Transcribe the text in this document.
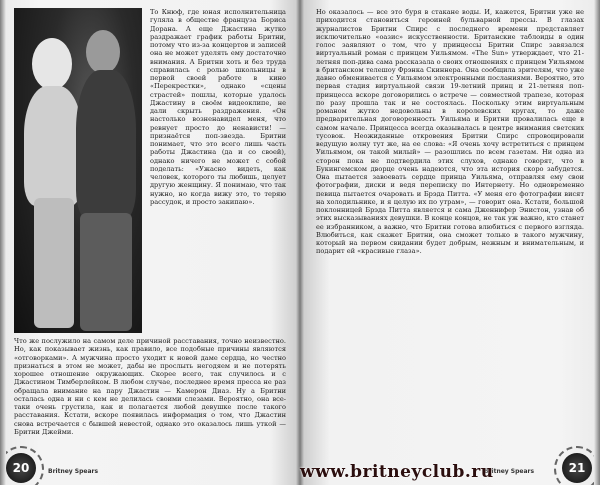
То Кнюф, где юная исполнительница гуляла в обществе француза Бориса Дорана. А еще Джастина жутко раздражает график работы Бритни, потому что из-за концертов и записей она не может уделять ему достаточно внимания. А Бритни хоть и без труда справилась с ролью школьницы в первой своей работе в кино «Перекрестки», однако «сцены страстей» пошлы, которые удалось Джастину в своём видеоклипе, не дали скрыть раздражения. «Он настолько возненавидел меня, что ревнует просто до ненависти! — признаётся поп-звезда. Бритни понимает, что это всего лишь часть работы Джастина (да и со своей), однако ничего не может с собой поделать: «Ужасно видеть, как человек, которого ты любишь, целует другую женщину. Я понимаю, что так нужно, но когда вижу это, то теряю рассудок, и просто закипаю».
Что же послужило на самом деле причиной расставания, точно неизвестно. Но, как показывает жизнь, как правило, все подобные причины являются «отговорками». А мужчина просто уходит к новой даме сердца, но честно признаться в этом не может, дабы не прослыть негодяем и не потерять хорошее отношение окружающих. Скорее всего, так случилось и с Джастином Тимберлейком. В любом случае, последнее время пресса не раз обращала внимание на пару Джастин — Камерон Диаз. Ну а Бритни осталась одна и ни с кем не делилась своими слезами. Вероятно, она все-таки очень грустила, как и полагается любой девушке после такого расставания. Кстати, вскоре появилась информация о том, что Джастин снова встречается с бывшей невестой, однако это оказалось лишь уткой — Бритни Джейми.
20	Britney Spears
Но оказалось — все это буря в стакане воды. И, кажется, Бритни уже не приходится становиться героиней бульварной прессы. В глазах журналистов Бритни Спирс с последнего времени представляет исключительно «оазис» искусственности. Британские таблоиды в один голос заявляют о том, что у принцессы Бритни Спирс завязался виртуальный роман с принцем Уильямом. «The Sun» утверждает, что 21-летняя поп-дива сама рассказала о своих отношениях с принцем Уильямом в британском телешоу Фрэнка Скиннера. Она сообщила зрителям, что уже давно обменивается с Уильямом электронными посланиями. Вероятно, это первая стадия виртуальной связи 19-летний принц и 21-летняя поп-принцесса вскоре договорились о встрече — совместной трапезе, которая по разу прошла так и не состоялась. Поскольку этим виртуальным романом жутко недовольны в королевских кругах, то даже предварительная договоренность Уильяма и Бритни провалилась еще в самом начале. Принцесса всегда оказывалась в центре внимания светских тусовок. Неожиданные откровения Бритни Спирс спровоцировали ведущую волну тут же, на ее слова: «Я очень хочу встретиться с принцем Уильямом, он такой милый» — разошлись по всем газетам. Ни одна из сторон пока не подтвердила этих слухов, однако говорят, что в Букингемском дворце очень надеются, что эта история скоро забудется. Она пытается завоевать сердце принца Уильяма, отправляя ему свои фотографии, диски и ведя переписку по Интернету. Но одновременно певица пытается очаровать и Брэда Питта. «У меня его фотографии висят на холодильнике, и я целую их по утрам», — говорит она. Кстати, большой поклонницей Брэда Питта является и сама Дженнифер Энистон, узнав об этих высказываниях девушки. В конце концов, не так уж важно, кто станет ее избранником, а важно, что Бритни готова влюбиться с первого взгляда. Влюбиться, как скажет Бритни, она сможет только в такого мужчину, который на первом свидании будет добрым, нежным и внимательным, и подарит ей «красивые глаза».
21
Britney Spears
www.britneyclub.ru
